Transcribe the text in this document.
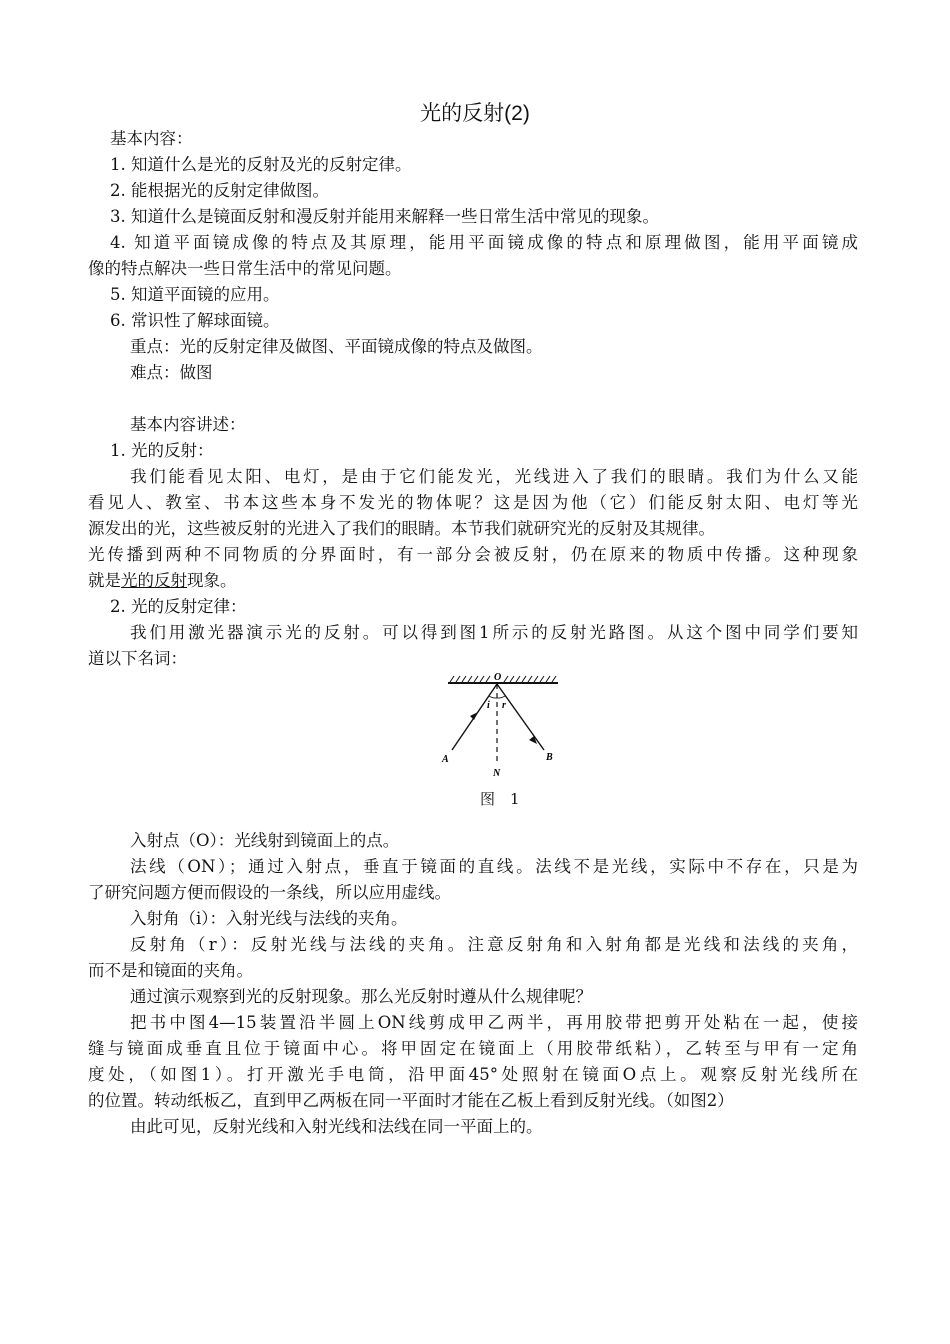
光的反射(2)
基本内容：
1. 知道什么是光的反射及光的反射定律。
2. 能根据光的反射定律做图。
3. 知道什么是镜面反射和漫反射并能用来解释一些日常生活中常见的现象。
4. 知道平面镜成像的特点及其原理，能用平面镜成像的特点和原理做图，能用平面镜成
像的特点解决一些日常生活中的常见问题。
5. 知道平面镜的应用。
6. 常识性了解球面镜。
重点：光的反射定律及做图、平面镜成像的特点及做图。
难点：做图
基本内容讲述：
1. 光的反射：
我们能看见太阳、电灯，是由于它们能发光，光线进入了我们的眼睛。我们为什么又能
看见人、教室、书本这些本身不发光的物体呢？这是因为他（它）们能反射太阳、电灯等光
源发出的光，这些被反射的光进入了我们的眼睛。本节我们就研究光的反射及其规律。
光传播到两种不同物质的分界面时，有一部分会被反射，仍在原来的物质中传播。这种现象
就是光的反射现象。
2. 光的反射定律：
我们用激光器演示光的反射。可以得到图1所示的反射光路图。从这个图中同学们要知
道以下名词：
O
i r
A	B
N
图　1
入射点（O）：光线射到镜面上的点。
法线（ON）；通过入射点，垂直于镜面的直线。法线不是光线，实际中不存在，只是为
了研究问题方便而假设的一条线，所以应用虚线。
入射角（i）：入射光线与法线的夹角。
反射角（r）：反射光线与法线的夹角。注意反射角和入射角都是光线和法线的夹角，
而不是和镜面的夹角。
通过演示观察到光的反射现象。那么光反射时遵从什么规律呢？
把书中图4—15装置沿半圆上ON线剪成甲乙两半，再用胶带把剪开处粘在一起，使接
缝与镜面成垂直且位于镜面中心。将甲固定在镜面上（用胶带纸粘），乙转至与甲有一定角
度处，（如图1）。打开激光手电筒，沿甲面45°处照射在镜面O点上。观察反射光线所在
的位置。转动纸板乙，直到甲乙两板在同一平面时才能在乙板上看到反射光线。（如图2）
由此可见，反射光线和入射光线和法线在同一平面上的。
